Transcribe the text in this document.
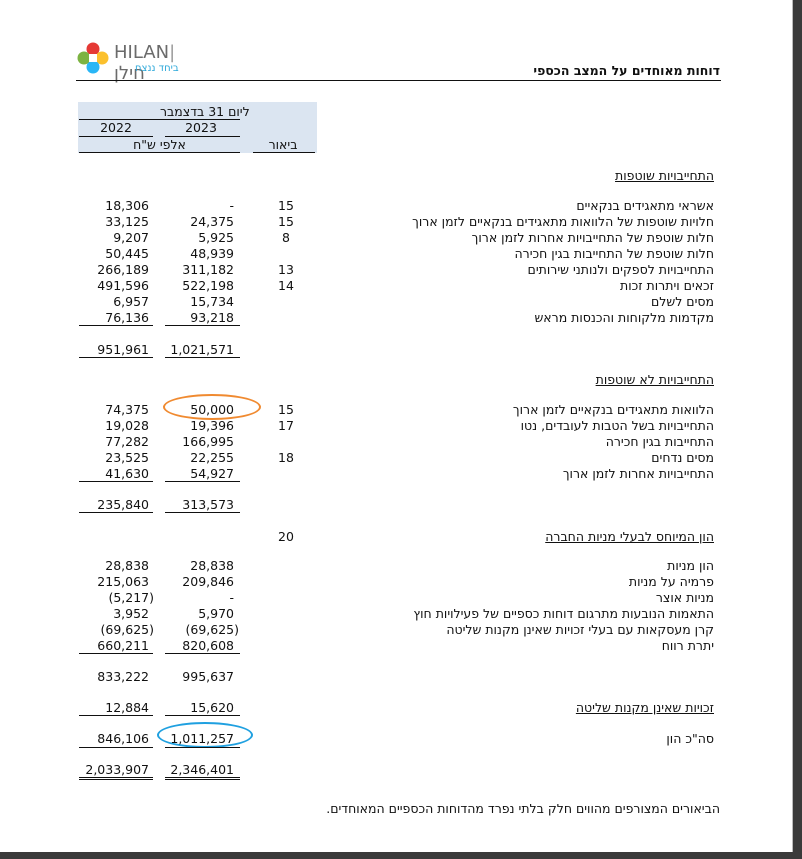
HILAN|חילן
ביחד ננצח	דוחות מאוחדים על המצב הכספי
ליום 31 בדצמבר
2023
2022
אלפי ש"ח	ביאור
התחייבויות שוטפות
אשראי מתאגידים בנקאיים
15
-
18,306
חלויות שוטפות של הלוואות מתאגידים בנקאיים לזמן ארוך
15
24,375
33,125
חלות שוטפת של התחייבויות אחרות לזמן ארוך
8
5,925
9,207
חלות שוטפת של התחייבות בגין חכירה
48,939
50,445
התחייבויות לספקים ולנותני שירותים
13
311,182
266,189
זכאים ויתרות זכות
14
522,198
491,596
מסים לשלם
15,734
6,957
מקדמות מלקוחות והכנסות מראש
93,218
76,136
1,021,571
951,961
התחייבויות לא שוטפות
הלוואות מתאגידים בנקאיים לזמן ארוך
15
50,000
74,375
התחייבויות בשל הטבות לעובדים, נטו
17
19,396
19,028
התחייבות בגין חכירה
166,995
77,282
מסים נדחים
18
22,255
23,525
התחייבויות אחרות לזמן ארוך
54,927
41,630
313,573
235,840
הון המיוחס לבעלי מניות החברה
20
הון מניות
28,838
28,838
פרמיה על מניות
209,846
215,063
מניות אוצר
-
(5,217)
התאמות הנובעות מתרגום דוחות כספיים של פעילויות חוץ
5,970
3,952
קרן מעסקאות עם בעלי זכויות שאינן מקנות שליטה
(69,625)
(69,625)
יתרת רווח
820,608
660,211
995,637
833,222
זכויות שאינן מקנות שליטה
15,620
12,884
סה"כ הון
1,011,257
846,106
2,346,401
2,033,907
הביאורים המצורפים מהווים חלק בלתי נפרד מהדוחות הכספיים המאוחדים.
